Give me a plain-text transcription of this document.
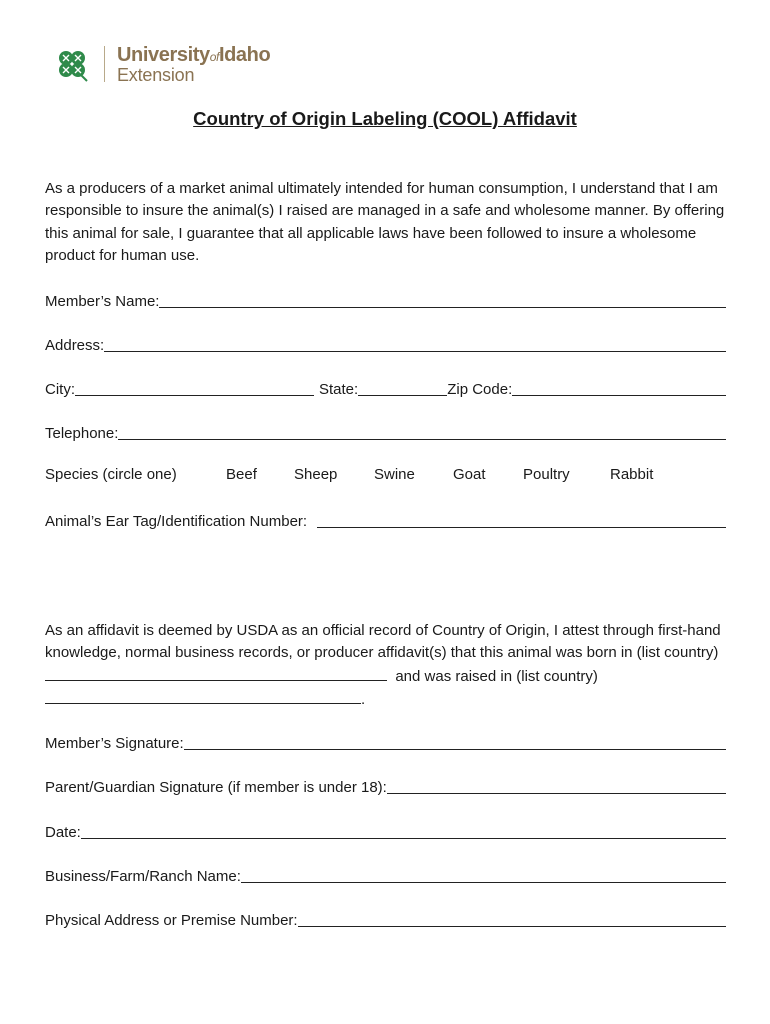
UniversityofIdaho
Extension
Country of Origin Labeling (COOL) Affidavit

As a producers of a market animal ultimately intended for human consumption, I understand that I am responsible to insure the animal(s) I raised are managed in a safe and wholesome manner. By offering this animal for sale, I guarantee that all applicable laws have been followed to insure a wholesome product for human use.

Member’s Name:
Address:
City:	State:	Zip Code:
Telephone:
Species (circle one)	Beef Sheep Swine	Goat Poultry	Rabbit
Animal’s Ear Tag/Identification Number:

As an affidavit is deemed by USDA as an official record of Country of Origin, I attest through first-hand knowledge, normal business records, or producer affidavit(s) that this animal was born in (list country)   and was raised in (list country) .

Member’s Signature:
Parent/Guardian Signature (if member is under 18):
Date:
Business/Farm/Ranch Name:
Physical Address or Premise Number:
